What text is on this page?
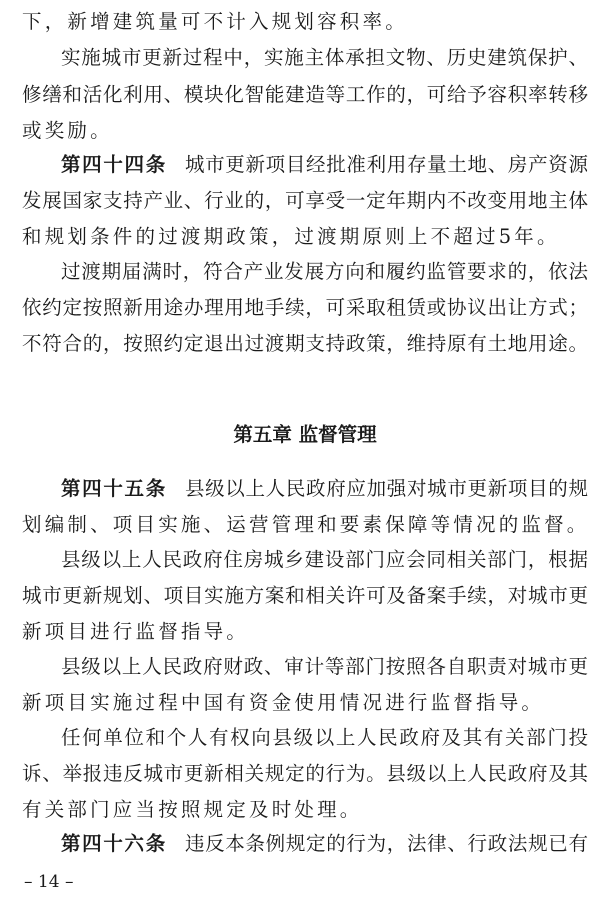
下，新增建筑量可不计入规划容积率。
实施城市更新过程中，实施主体承担文物、历史建筑保护、
修缮和活化利用、模块化智能建造等工作的，可给予容积率转移
或奖励。
第四十四条 城市更新项目经批准利用存量土地、房产资源
发展国家支持产业、行业的，可享受一定年期内不改变用地主体
和规划条件的过渡期政策，过渡期原则上不超过5年。
过渡期届满时，符合产业发展方向和履约监管要求的，依法
依约定按照新用途办理用地手续，可采取租赁或协议出让方式；
不符合的，按照约定退出过渡期支持政策，维持原有土地用途。
第五章 监督管理
第四十五条 县级以上人民政府应加强对城市更新项目的规
划编制、项目实施、运营管理和要素保障等情况的监督。
县级以上人民政府住房城乡建设部门应会同相关部门，根据
城市更新规划、项目实施方案和相关许可及备案手续，对城市更
新项目进行监督指导。
县级以上人民政府财政、审计等部门按照各自职责对城市更
新项目实施过程中国有资金使用情况进行监督指导。
任何单位和个人有权向县级以上人民政府及其有关部门投
诉、举报违反城市更新相关规定的行为。县级以上人民政府及其
有关部门应当按照规定及时处理。
第四十六条 违反本条例规定的行为，法律、行政法规已有
– 14 –
